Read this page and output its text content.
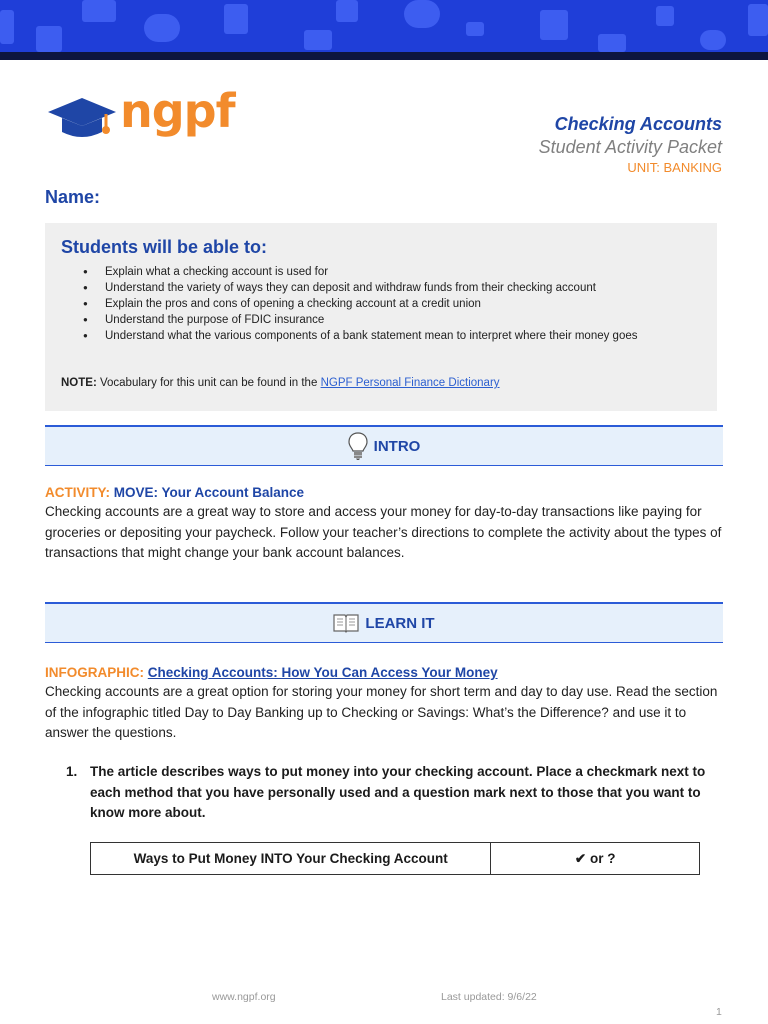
ngpf	Checking Accounts
Student Activity Packet
UNIT: BANKING
Name:
Students will be able to:
● Explain what a checking account is used for
● Understand the variety of ways they can deposit and withdraw funds from their checking account
● Explain the pros and cons of opening a checking account at a credit union
● Understand the purpose of FDIC insurance
● Understand what the various components of a bank statement mean to interpret where their money goes
NOTE: Vocabulary for this unit can be found in the NGPF Personal Finance Dictionary
INTRO
ACTIVITY: MOVE: Your Account Balance
Checking accounts are a great way to store and access your money for day-to-day transactions like paying for groceries or depositing your paycheck. Follow your teacher’s directions to complete the activity about the types of transactions that might change your bank account balances.
LEARN IT
INFOGRAPHIC: Checking Accounts: How You Can Access Your Money
Checking accounts are a great option for storing your money for short term and day to day use. Read the section of the infographic titled Day to Day Banking up to Checking or Savings: What’s the Difference? and use it to answer the questions.
1. The article describes ways to put money into your checking account. Place a checkmark next to each method that you have personally used and a question mark next to those that you want to know more about.
Ways to Put Money INTO Your Checking Account	✔ or ?
www.ngpf.org	Last updated: 9/6/22
1
